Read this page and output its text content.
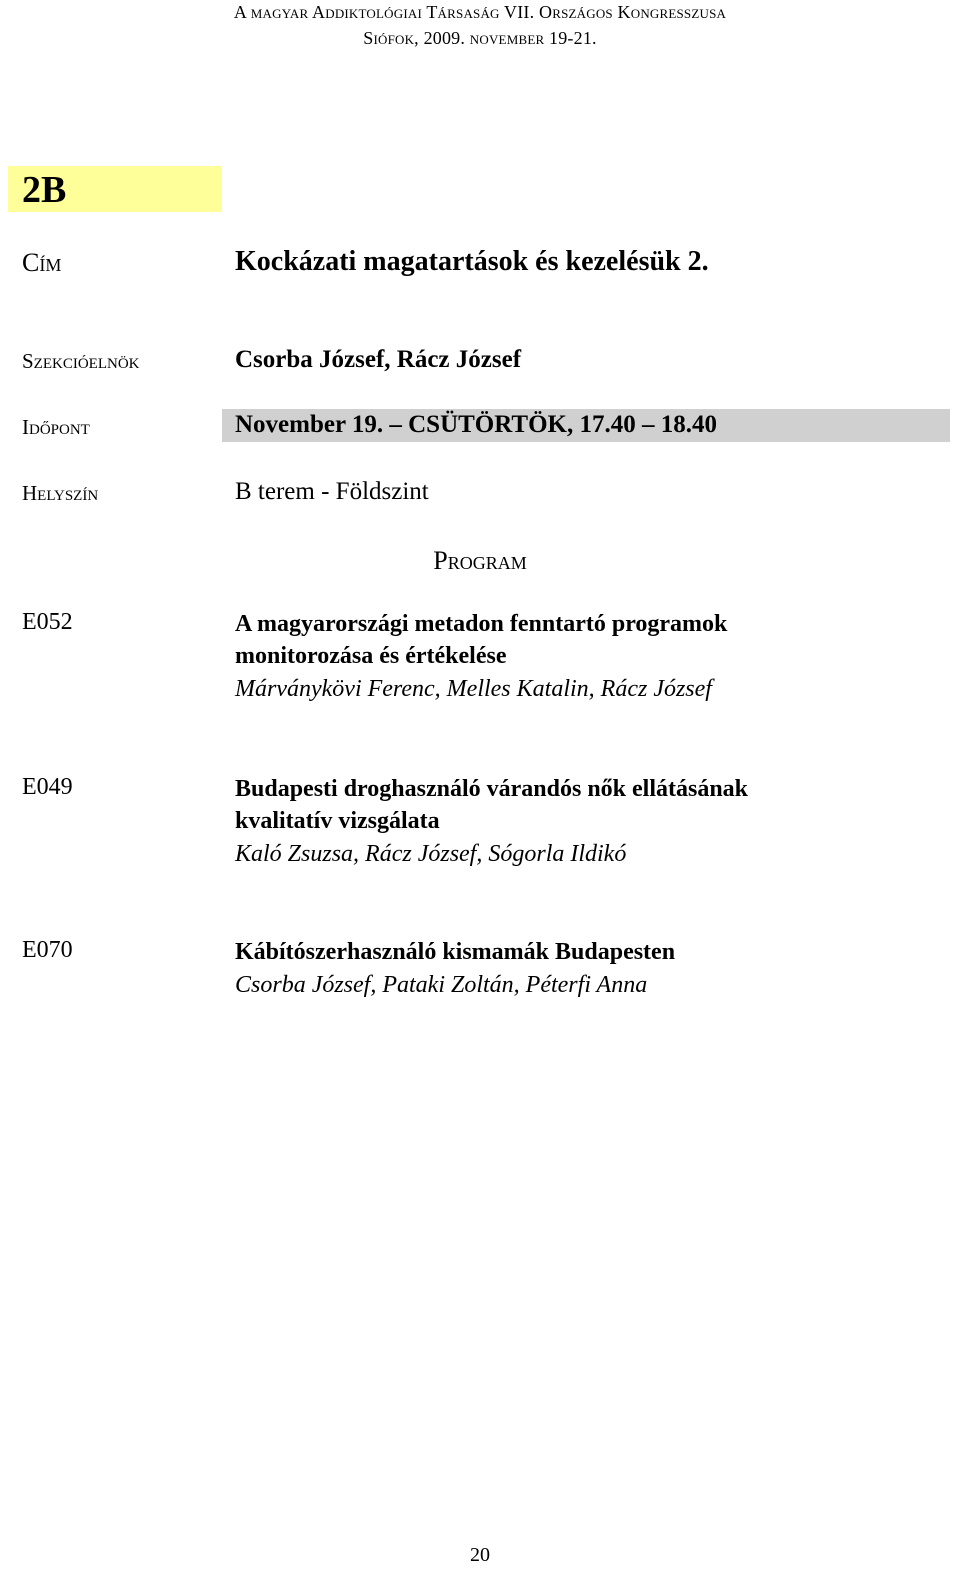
A magyar Addiktológiai Társaság VII. Országos Kongresszusa
Siófok, 2009. november 19-21.
2B
Cím	Kockázati magatartások és kezelésük 2.
Szekcióelnök	Csorba József, Rácz József
Időpont	November 19. – CSÜTÖRTÖK, 17.40 – 18.40
Helyszín	B terem - Földszint
Program
E052	A magyarországi metadon fenntartó programok
monitorozása és értékelése
Márványkövi Ferenc, Melles Katalin, Rácz József
E049	Budapesti droghasználó várandós nők ellátásának
kvalitatív vizsgálata
Kaló Zsuzsa, Rácz József, Sógorla Ildikó
E070	Kábítószerhasználó kismamák Budapesten
Csorba József, Pataki Zoltán, Péterfi Anna
20
